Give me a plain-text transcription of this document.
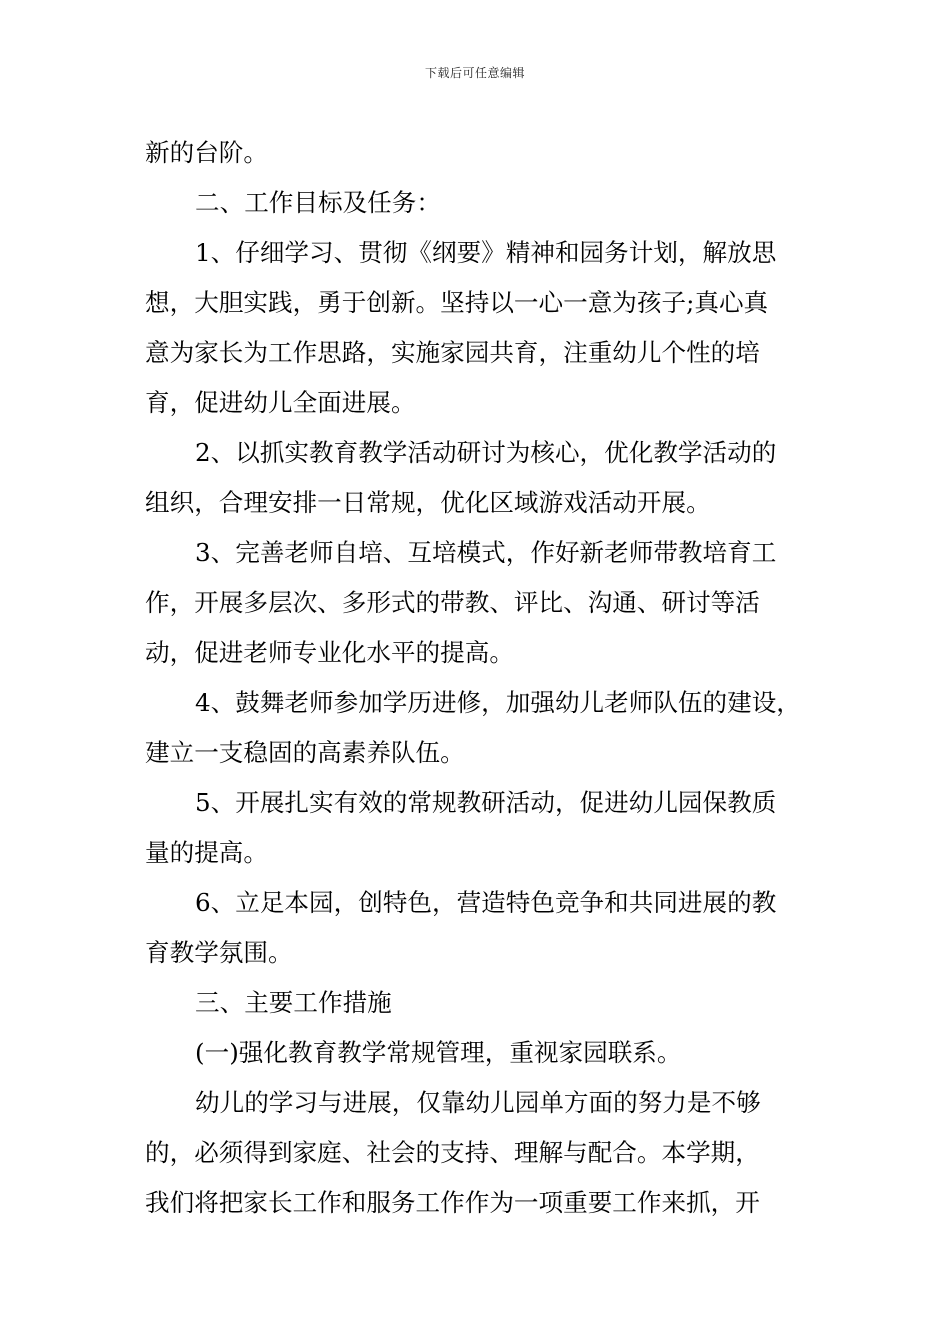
下载后可任意编辑
新的台阶。
二、工作目标及任务：
1、仔细学习、贯彻《纲要》精神和园务计划，解放思
想，大胆实践，勇于创新。坚持以一心一意为孩子;真心真
意为家长为工作思路，实施家园共育，注重幼儿个性的培
育，促进幼儿全面进展。
2、以抓实教育教学活动研讨为核心，优化教学活动的
组织，合理安排一日常规，优化区域游戏活动开展。
3、完善老师自培、互培模式，作好新老师带教培育工
作，开展多层次、多形式的带教、评比、沟通、研讨等活
动，促进老师专业化水平的提高。
4、鼓舞老师参加学历进修，加强幼儿老师队伍的建设，
建立一支稳固的高素养队伍。
5、开展扎实有效的常规教研活动，促进幼儿园保教质
量的提高。
6、立足本园，创特色，营造特色竞争和共同进展的教
育教学氛围。
三、主要工作措施
(一)强化教育教学常规管理，重视家园联系。
幼儿的学习与进展，仅靠幼儿园单方面的努力是不够
的，必须得到家庭、社会的支持、理解与配合。本学期，
我们将把家长工作和服务工作作为一项重要工作来抓，开
